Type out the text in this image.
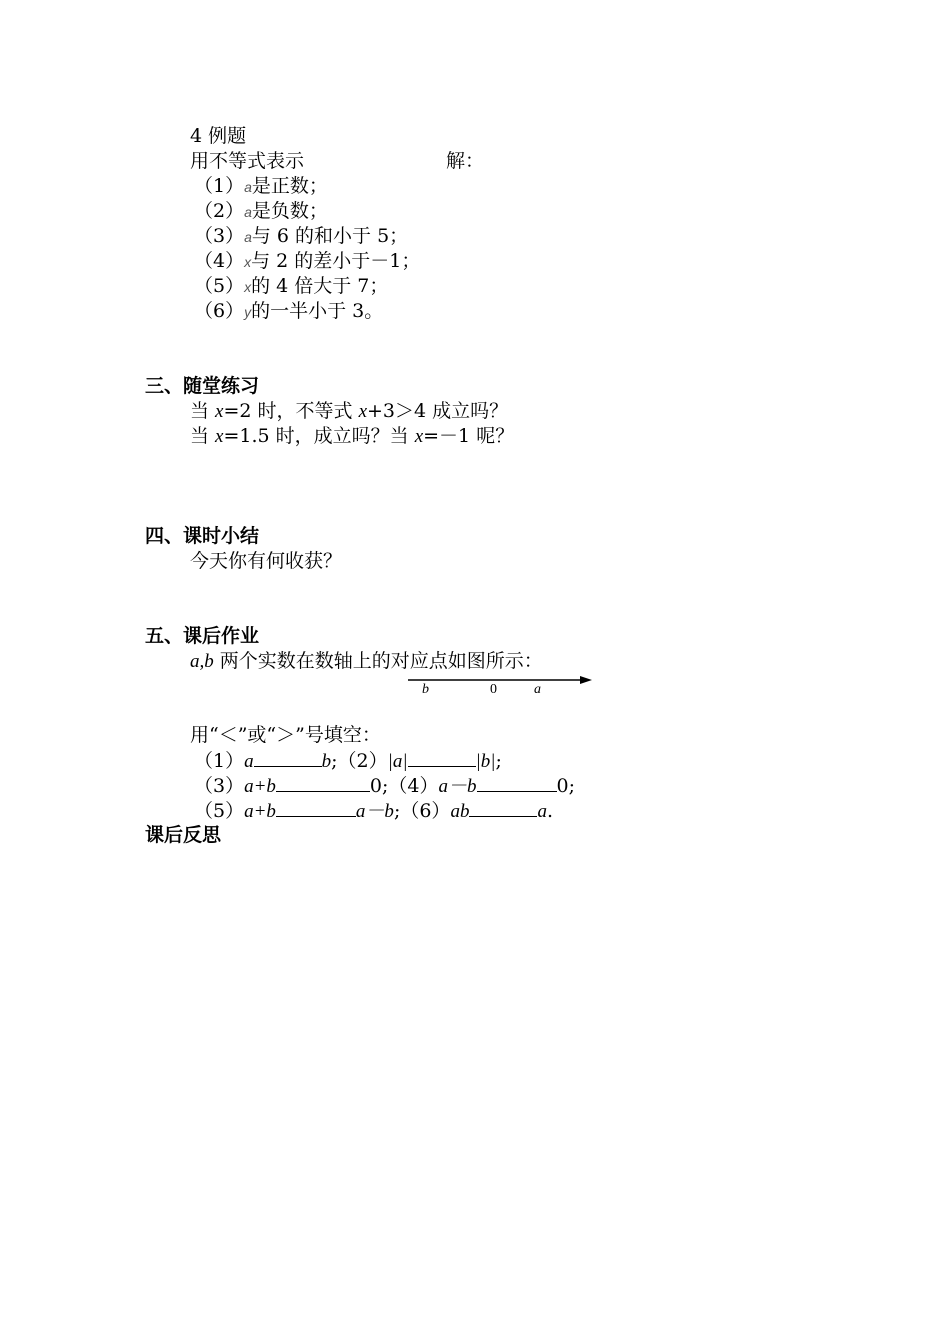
4 例题
用不等式表示	解：
（1）a是正数；
（2）a是负数；
（3）a与 6 的和小于 5；
（4）x与 2 的差小于－1；
（5）x的 4 倍大于 7；
（6）y的一半小于 3。
三、随堂练习
当 x=2 时，不等式 x+3＞4 成立吗？
当 x=1.5 时，成立吗？当 x=－1 呢？
四、课时小结
今天你有何收获？
五、课后作业
a,b 两个实数在数轴上的对应点如图所示：
b	0	a
用“＜”或“＞”号填空：
（1）a	b;（2）|a|	|b|;
（3）a+b	0;（4）a－b	0;
（5）a+b	a－b;（6）ab	a.
课后反思
